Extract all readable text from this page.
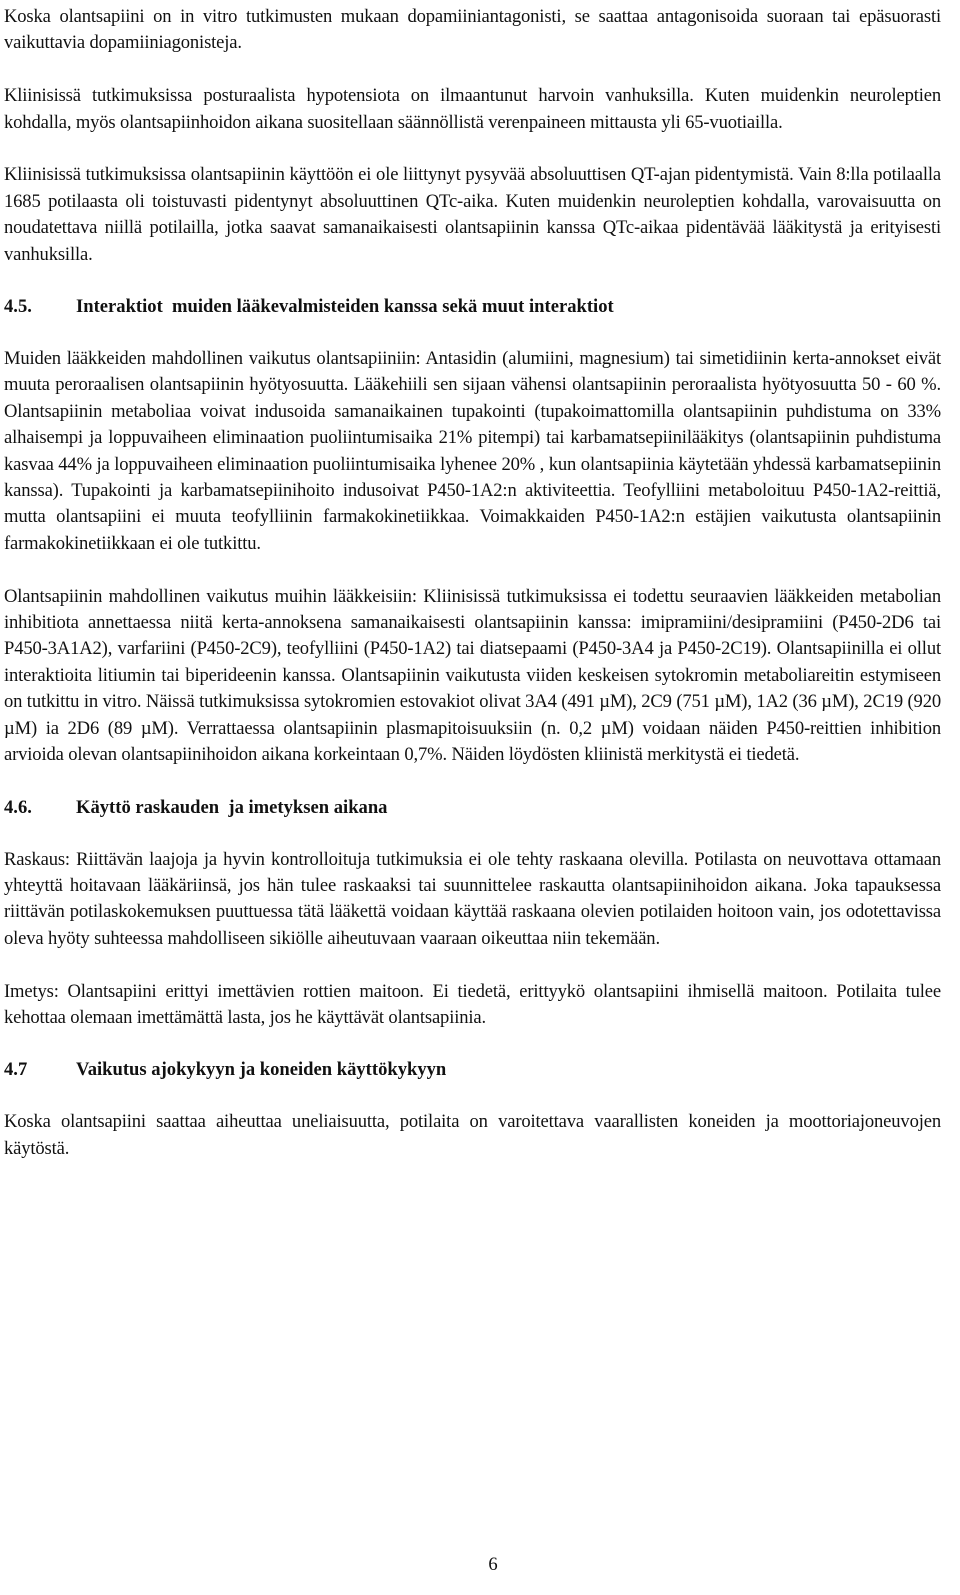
Koska olantsapiini on in vitro tutkimusten mukaan dopamiiniantagonisti, se saattaa antagonisoida suoraan tai epäsuorasti vaikuttavia dopamiiniagonisteja.

Kliinisissä tutkimuksissa posturaalista hypotensiota on ilmaantunut harvoin vanhuksilla. Kuten muidenkin neuroleptien kohdalla, myös olantsapiinhoidon aikana suositellaan säännöllistä verenpaineen mittausta yli 65-vuotiailla.

Kliinisissä tutkimuksissa olantsapiinin käyttöön ei ole liittynyt pysyvää absoluuttisen QT-ajan pidentymistä. Vain 8:lla potilaalla 1685 potilaasta oli toistuvasti pidentynyt absoluuttinen QTc-aika. Kuten muidenkin neuroleptien kohdalla, varovaisuutta on noudatettava niillä potilailla, jotka saavat samanaikaisesti olantsapiinin kanssa QTc-aikaa pidentävää lääkitystä ja erityisesti vanhuksilla.

4.5.	Interaktiot  muiden lääkevalmisteiden kanssa sekä muut interaktiot

Muiden lääkkeiden mahdollinen vaikutus olantsapiiniin: Antasidin (alumiini, magnesium) tai simetidiinin kerta-annokset eivät muuta peroraalisen olantsapiinin hyötyosuutta. Lääkehiili sen sijaan vähensi olantsapiinin peroraalista hyötyosuutta 50 - 60 %. Olantsapiinin metaboliaa voivat indusoida samanaikainen tupakointi (tupakoimattomilla olantsapiinin puhdistuma on 33% alhaisempi ja loppuvaiheen eliminaation puoliintumisaika 21% pitempi) tai karbamatsepiinilääkitys (olantsapiinin puhdistuma kasvaa 44% ja loppuvaiheen eliminaation puoliintumisaika lyhenee 20% , kun olantsapiinia käytetään yhdessä karbamatsepiinin kanssa). Tupakointi ja karbamatsepiinihoito indusoivat P450-1A2:n aktiviteettia. Teofylliini metaboloituu P450-1A2-reittiä, mutta olantsapiini ei muuta teofylliinin farmakokinetiikkaa. Voimakkaiden P450-1A2:n estäjien vaikutusta olantsapiinin farmakokinetiikkaan ei ole tutkittu.

Olantsapiinin mahdollinen vaikutus muihin lääkkeisiin: Kliinisissä tutkimuksissa ei todettu seuraavien lääkkeiden metabolian inhibitiota annettaessa niitä kerta-annoksena samanaikaisesti olantsapiinin kanssa: imipramiini/desipramiini (P450-2D6 tai P450-3A1A2), varfariini (P450-2C9), teofylliini (P450-1A2) tai diatsepaami (P450-3A4 ja P450-2C19). Olantsapiinilla ei ollut interaktioita litiumin tai biperideenin kanssa. Olantsapiinin vaikutusta viiden keskeisen sytokromin metaboliareitin estymiseen on tutkittu in vitro. Näissä tutkimuksissa sytokromien estovakiot olivat 3A4 (491 µM), 2C9 (751 µM), 1A2 (36 µM), 2C19 (920 µM) ia 2D6 (89 µM). Verrattaessa olantsapiinin plasmapitoisuuksiin (n. 0,2 µM) voidaan näiden P450-reittien inhibition arvioida olevan olantsapiinihoidon aikana korkeintaan 0,7%. Näiden löydösten kliinistä merkitystä ei tiedetä.

4.6.	Käyttö raskauden  ja imetyksen aikana

Raskaus: Riittävän laajoja ja hyvin kontrolloituja tutkimuksia ei ole tehty raskaana olevilla. Potilasta on neuvottava ottamaan yhteyttä hoitavaan lääkäriinsä, jos hän tulee raskaaksi tai suunnittelee raskautta olantsapiinihoidon aikana. Joka tapauksessa riittävän potilaskokemuksen puuttuessa tätä lääkettä voidaan käyttää raskaana olevien potilaiden hoitoon vain, jos odotettavissa oleva hyöty suhteessa mahdolliseen sikiölle aiheutuvaan vaaraan oikeuttaa niin tekemään.

Imetys: Olantsapiini erittyi imettävien rottien maitoon. Ei tiedetä, erittyykö olantsapiini ihmisellä maitoon. Potilaita tulee kehottaa olemaan imettämättä lasta, jos he käyttävät olantsapiinia.

4.7	Vaikutus ajokykyyn ja koneiden käyttökykyyn

Koska olantsapiini saattaa aiheuttaa uneliaisuutta, potilaita on varoitettava vaarallisten koneiden ja moottoriajoneuvojen käytöstä.

6
